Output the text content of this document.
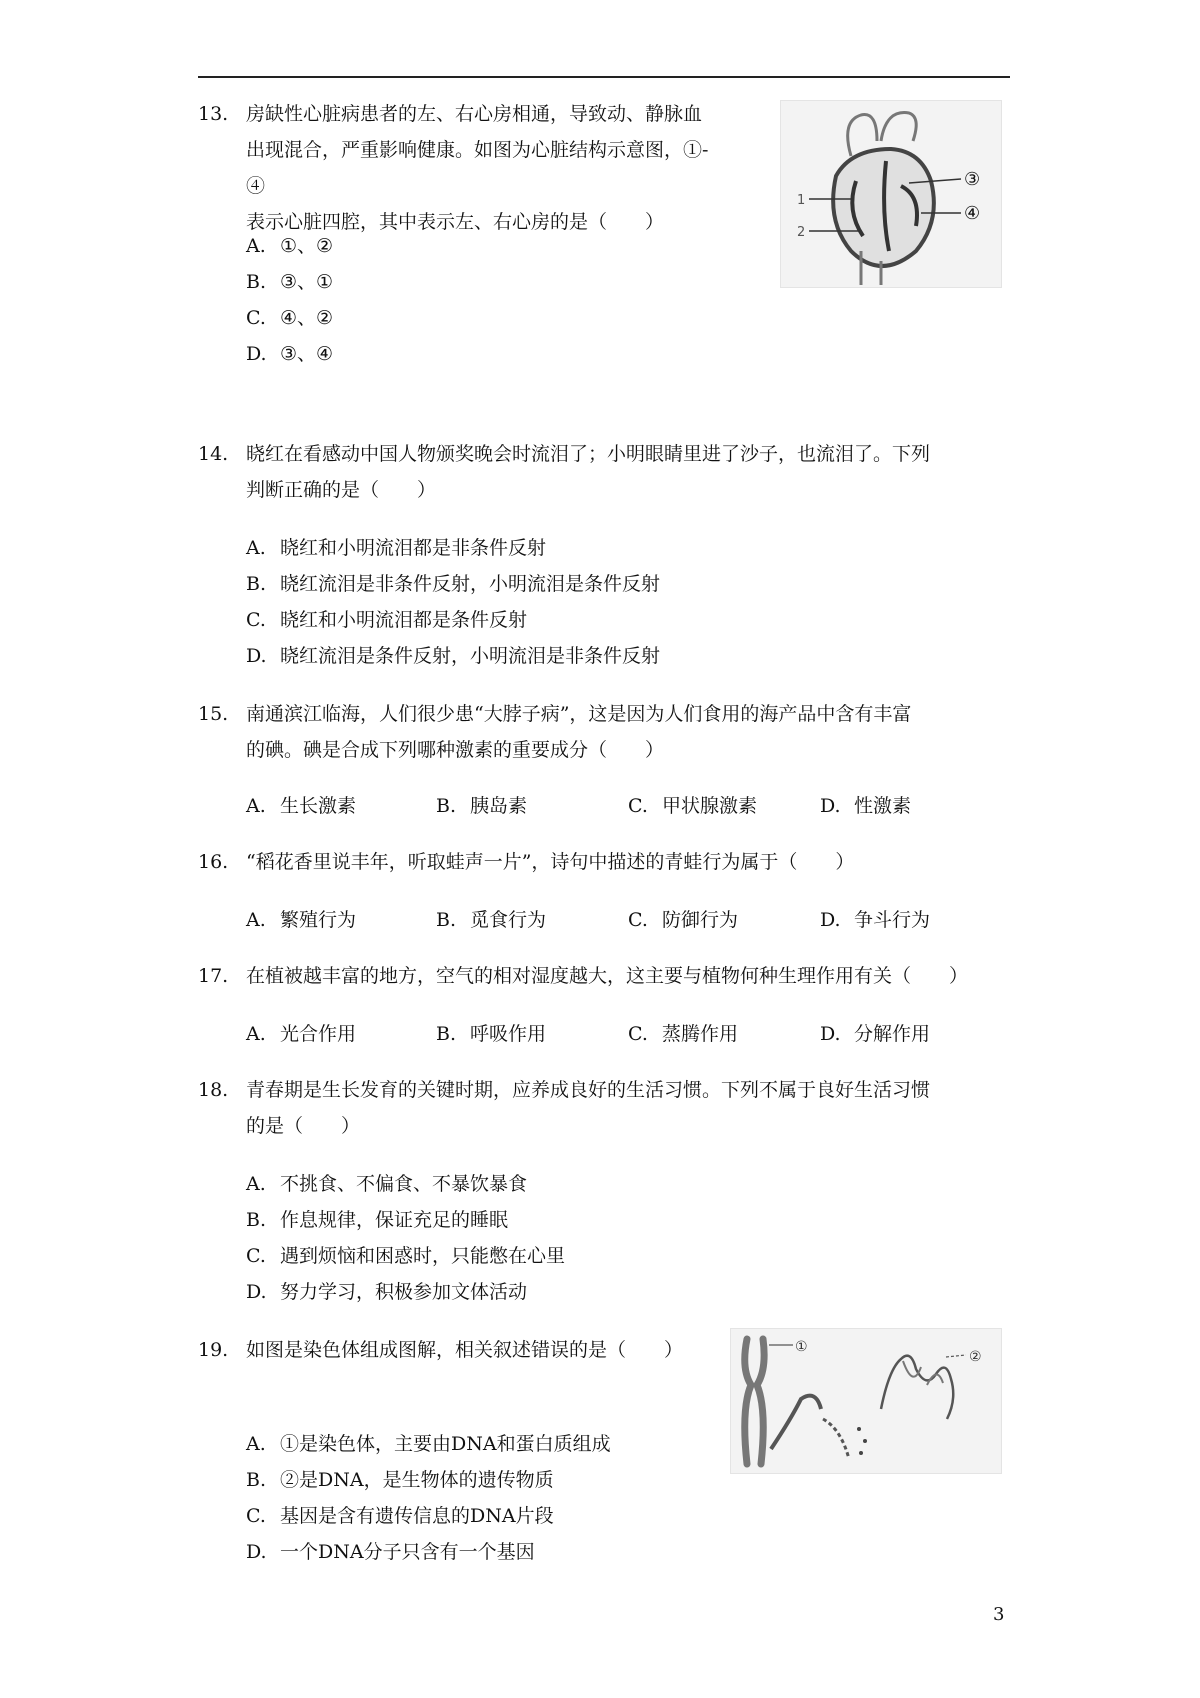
13. 房缺性心脏病患者的左、右心房相通，导致动、静脉血
出现混合，严重影响健康。如图为心脏结构示意图，①-④
表示心脏四腔，其中表示左、右心房的是（　　）
A. ①、②
B. ③、①
C. ④、②
D. ③、④
1
2
③
④
14. 晓红在看感动中国人物颁奖晚会时流泪了；小明眼睛里进了沙子，也流泪了。下列
判断正确的是（　　）
A. 晓红和小明流泪都是非条件反射
B. 晓红流泪是非条件反射，小明流泪是条件反射
C. 晓红和小明流泪都是条件反射
D. 晓红流泪是条件反射，小明流泪是非条件反射
15. 南通滨江临海，人们很少患“大脖子病”，这是因为人们食用的海产品中含有丰富
的碘。碘是合成下列哪种激素的重要成分（　　）
A. 生长激素	B. 胰岛素	C. 甲状腺激素	D. 性激素
16. “稻花香里说丰年，听取蛙声一片”，诗句中描述的青蛙行为属于（　　）
A. 繁殖行为	B. 觅食行为	C. 防御行为	D. 争斗行为
17. 在植被越丰富的地方，空气的相对湿度越大，这主要与植物何种生理作用有关（　　）
A. 光合作用	B. 呼吸作用	C. 蒸腾作用	D. 分解作用
18. 青春期是生长发育的关键时期，应养成良好的生活习惯。下列不属于良好生活习惯
的是（　　）
A. 不挑食、不偏食、不暴饮暴食
B. 作息规律，保证充足的睡眠
C. 遇到烦恼和困惑时，只能憋在心里
D. 努力学习，积极参加文体活动
19. 如图是染色体组成图解，相关叙述错误的是（　　）
A. ①是染色体，主要由DNA和蛋白质组成
B. ②是DNA，是生物体的遗传物质
C. 基因是含有遗传信息的DNA片段
D. 一个DNA分子只含有一个基因
①
②
3
